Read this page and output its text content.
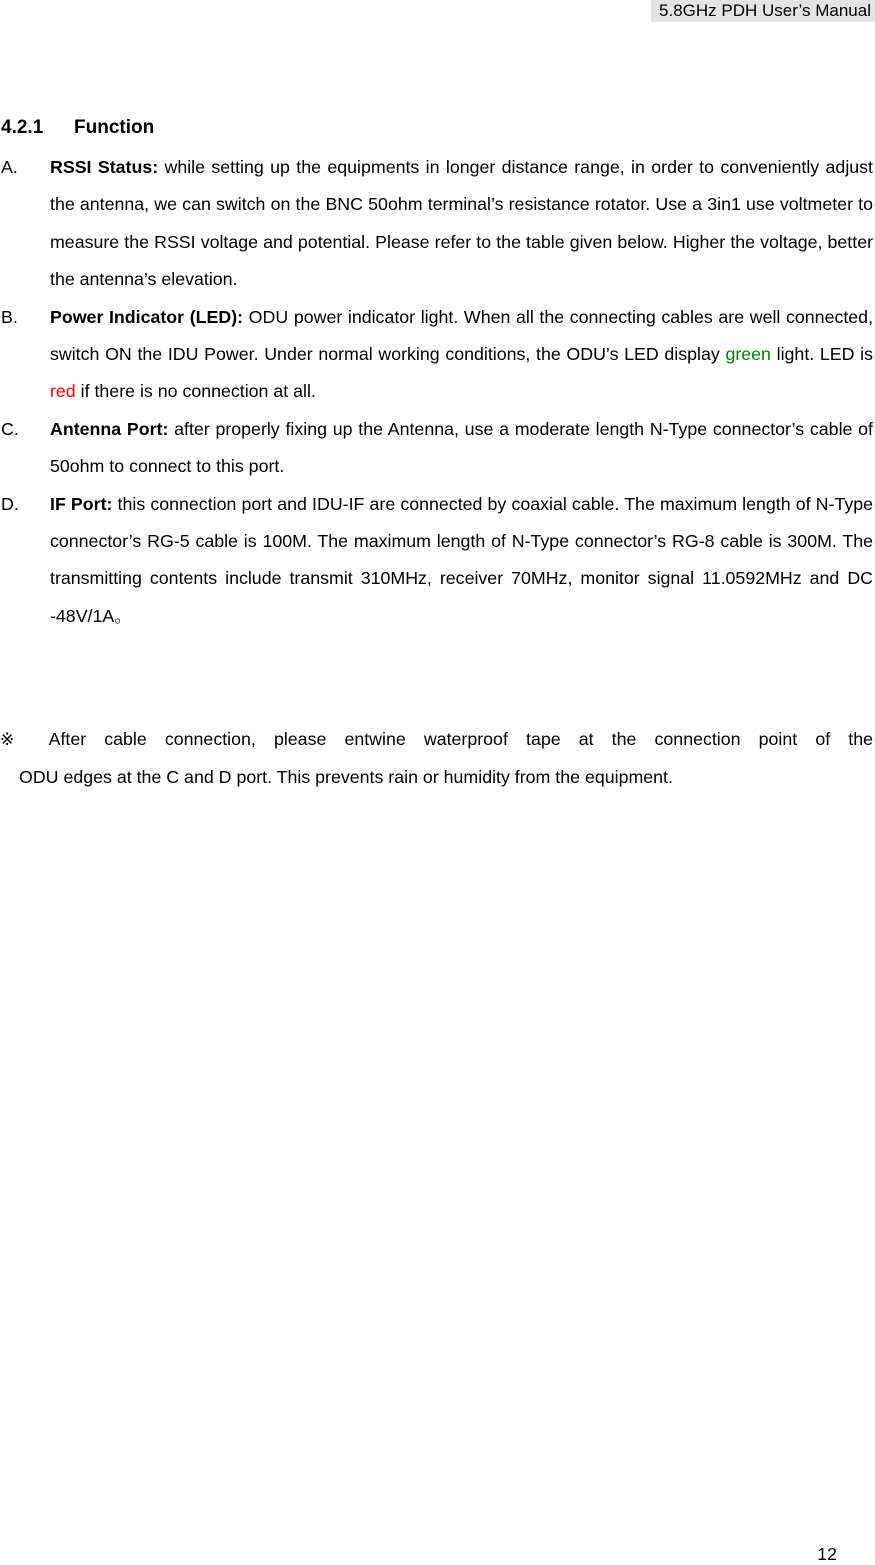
5.8GHz PDH User’s Manual
4.2.1 Function
A. RSSI Status: while setting up the equipments in longer distance range, in order to conveniently adjust the antenna, we can switch on the BNC 50ohm terminal’s resistance rotator. Use a 3in1 use voltmeter to measure the RSSI voltage and potential. Please refer to the table given below. Higher the voltage, better the antenna’s elevation.
B. Power Indicator (LED): ODU power indicator light. When all the connecting cables are well connected, switch ON the IDU Power. Under normal working conditions, the ODU’s LED display green light. LED is red if there is no connection at all.
C. Antenna Port: after properly fixing up the Antenna, use a moderate length N-Type connector’s cable of 50ohm to connect to this port.
D. IF Port: this connection port and IDU-IF are connected by coaxial cable. The maximum length of N-Type connector’s RG-5 cable is 100M. The maximum length of N-Type connector’s RG-8 cable is 300M. The transmitting contents include transmit 310MHz, receiver 70MHz, monitor signal 11.0592MHz and DC -48V/1A。
※ After cable connection, please entwine waterproof tape at the connection point of the
ODU edges at the C and D port. This prevents rain or humidity from the equipment.
12
